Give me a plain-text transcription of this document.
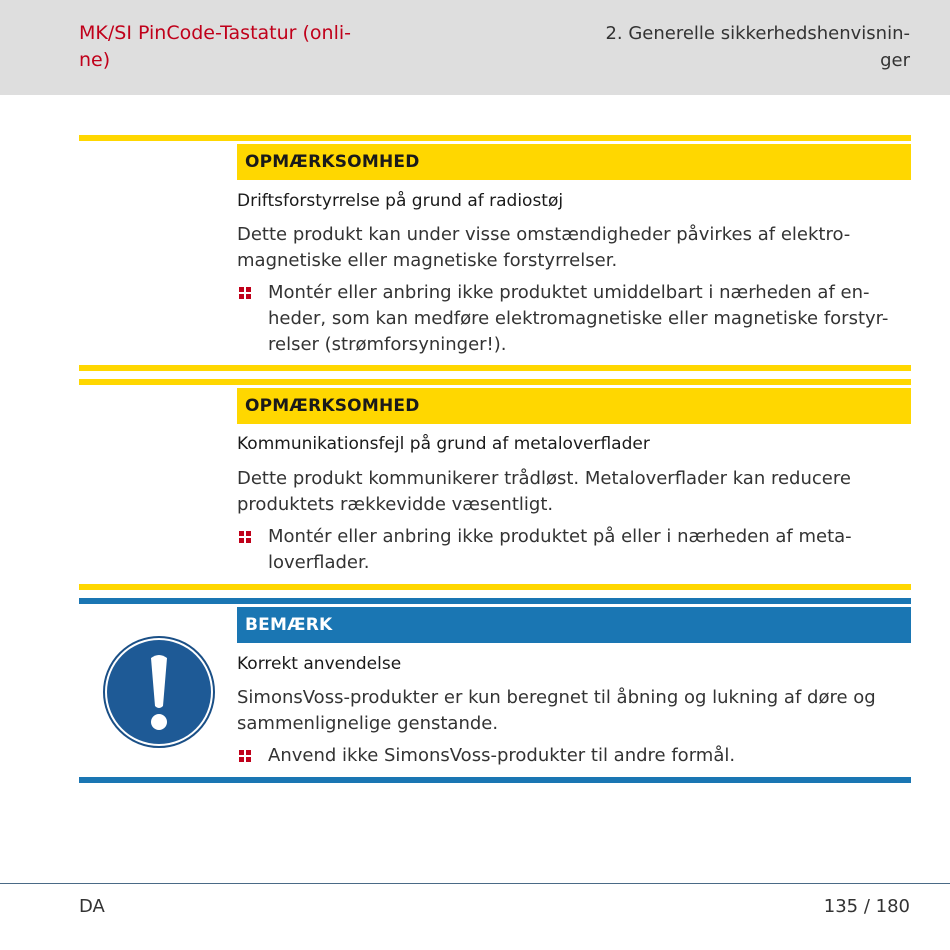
MK/SI PinCode-Tastatur (onli-
ne)
2. Generelle sikkerhedshenvisnin-
ger
OPMÆRKSOMHED
Driftsforstyrrelse på grund af radiostøj
Dette produkt kan under visse omstændigheder påvirkes af elektro-
magnetiske eller magnetiske forstyrrelser.
Montér eller anbring ikke produktet umiddelbart i nærheden af en-
heder, som kan medføre elektromagnetiske eller magnetiske forstyr-
relser (strømforsyninger!).
OPMÆRKSOMHED
Kommunikationsfejl på grund af metaloverflader
Dette produkt kommunikerer trådløst. Metaloverflader kan reducere
produktets rækkevidde væsentligt.
Montér eller anbring ikke produktet på eller i nærheden af meta-
loverflader.
BEMÆRK
Korrekt anvendelse
SimonsVoss-produkter er kun beregnet til åbning og lukning af døre og
sammenlignelige genstande.
Anvend ikke SimonsVoss-produkter til andre formål.
DA	135 / 180
